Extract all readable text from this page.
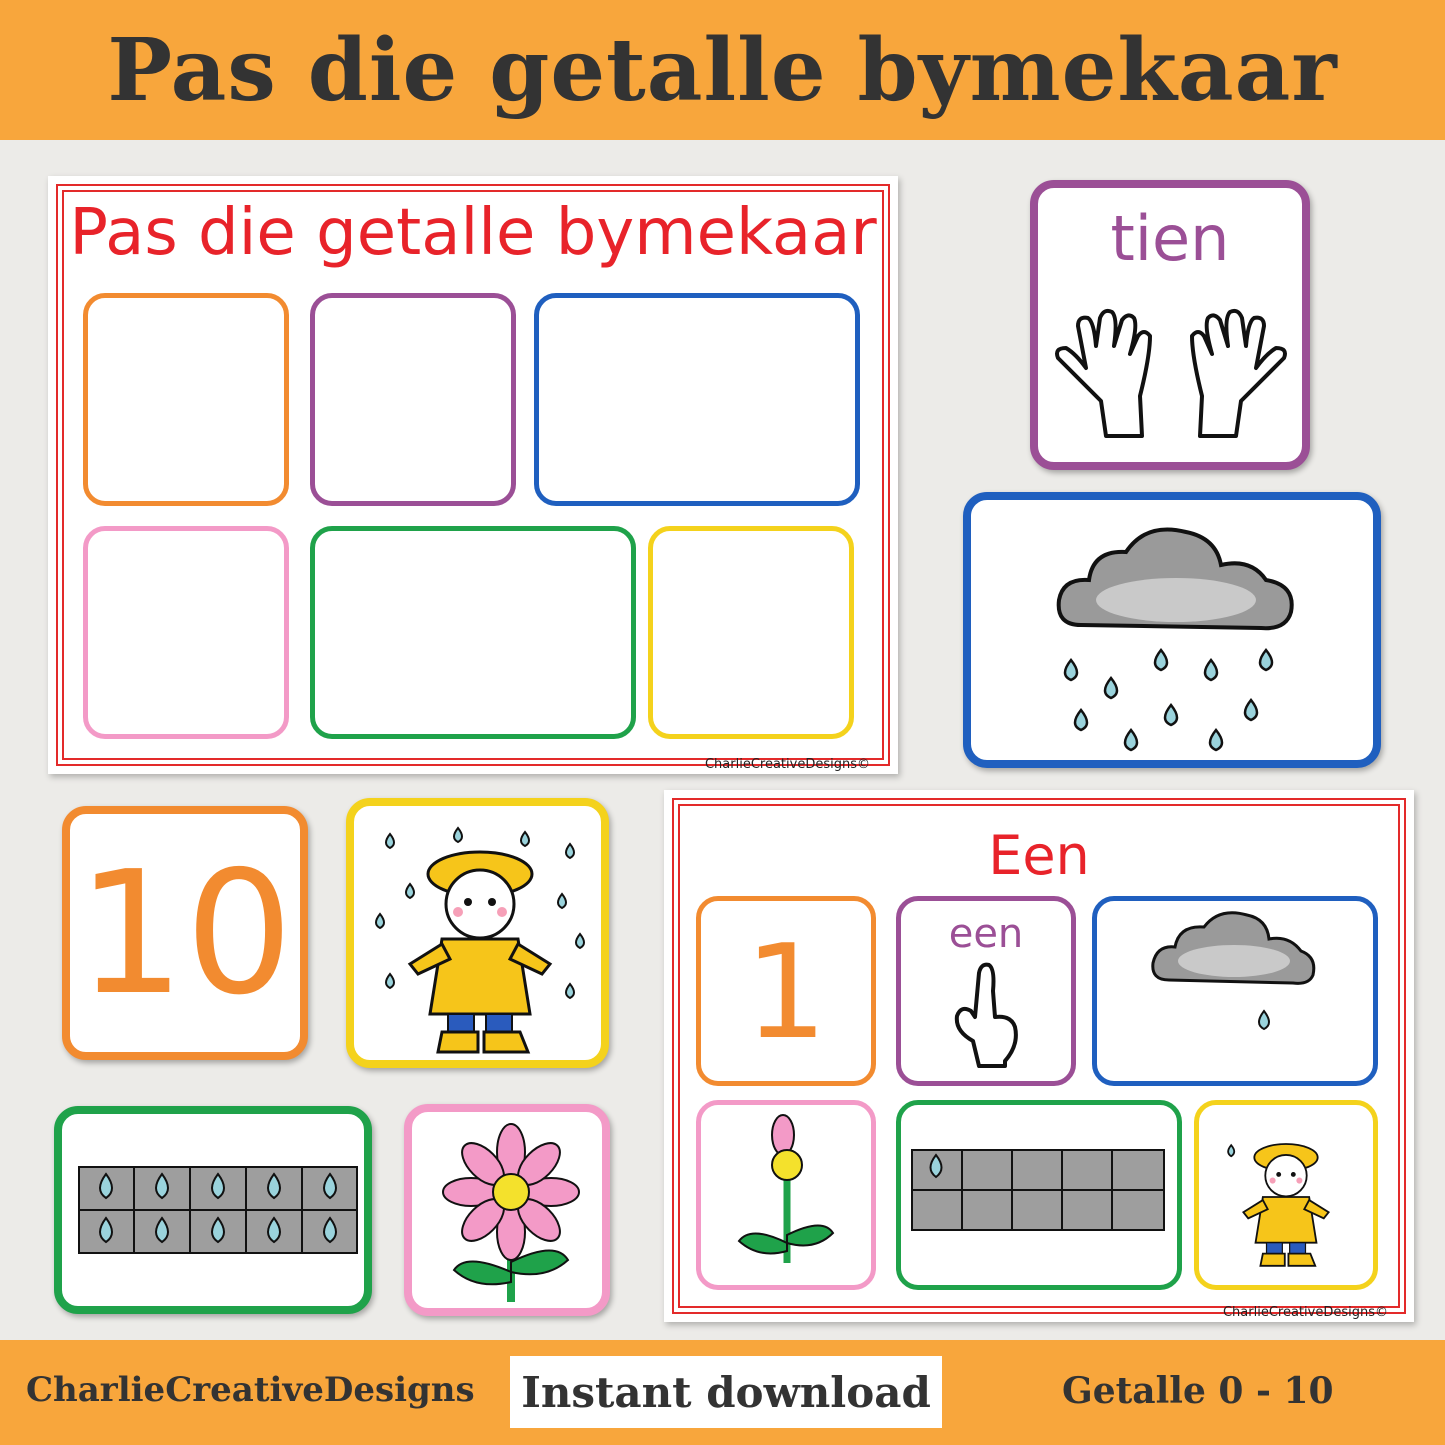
Pas die getalle bymekaar
Pas die getalle bymekaar
CharlieCreativeDesigns©
tien
10	Een
1	een
CharlieCreativeDesigns©
CharlieCreativeDesigns Instant download	Getalle 0 - 10
